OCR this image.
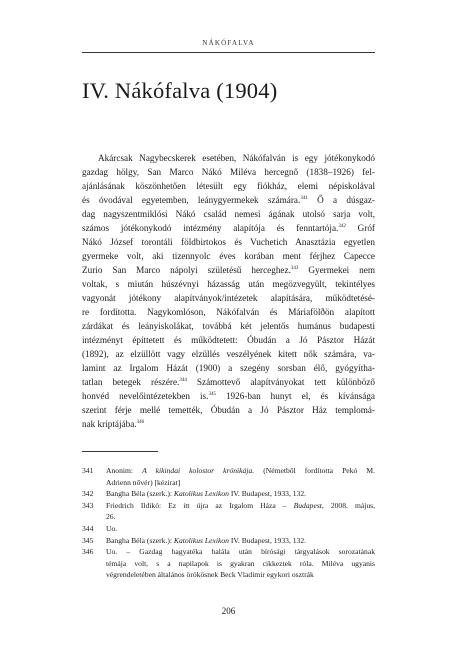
NÁKÓFALVA
IV. Nákófalva (1904)
Akárcsak Nagybecskerek esetében, Nákófalván is egy jótékonykodó
gazdag hölgy, San Marco Nákó Miléva hercegnő (1838–1926) fel-
ajánlásának köszönhetően létesült egy fiókház, elemi népiskolával
és óvodával egyetemben, leánygyermekek számára.$^{341}$ Ő a dúsgaz-
dag nagyszentmiklósi Nákó család nemesi ágának utolsó sarja volt,
számos jótékonykodó intézmény alapítója és fenntartója.$^{342}$ Gróf
Nákó József torontáli földbirtokos és Vuchetich Anasztázia egyetlen
gyermeke volt, aki tizennyolc éves korában ment férjhez Capecce
Zurio San Marco nápolyi születésű herceghez.$^{343}$ Gyermekei nem
voltak, s miután húszévnyi házasság után megözvegyült, tekintélyes
vagyonát jótékony alapítványok/intézetek alapítására, működtetésé-
re fordította. Nagykomlóson, Nákófalván és Máriafölðön alapított
zárdákat és leányiskolákat, továbbá két jelentős humánus budapesti
intézményt építtetett és működtetett: Óbudán a Jó Pásztor Házát
(1892), az elzüllött vagy elzüllés veszélyének kitett nők számára, va-
lamint az Irgalom Házát (1900) a szegény sorsban élő, gyógyítha-
tatlan betegek részére.$^{344}$ Számottevő alapítványokat tett különböző
honvéd nevelőintézetekben is.$^{345}$ 1926-ban hunyt el, és kívánsága
szerint férje mellé temették, Óbudán a Jó Pásztor Ház templomá-
nak kriptájába.$^{346}$
341 Anonim: A kikindai kolostor krónikája. (Németből fordította Pekó M.
Adrienn nővér) [kézirat]
342 Bangha Béla (szerk.): Katolikus Lexikon IV. Budapest, 1933, 132.
343 Friedrich Ildikó: Ez itt újra az Irgalom Háza – Budapest, 2008. május,
26.
344 Uo.
345 Bangha Béla (szerk.): Katolikus Lexikon IV. Budapest, 1933, 132.
346 Uo. – Gazdag hagyatéka halála után bírósági tárgyalások sorozatának
témája volt, s a napilapok is gyakran cikkeztek róla. Miléva ugyanis
végrendeletében általános örökösnek Beck Vladimir egykori osztrák
206
